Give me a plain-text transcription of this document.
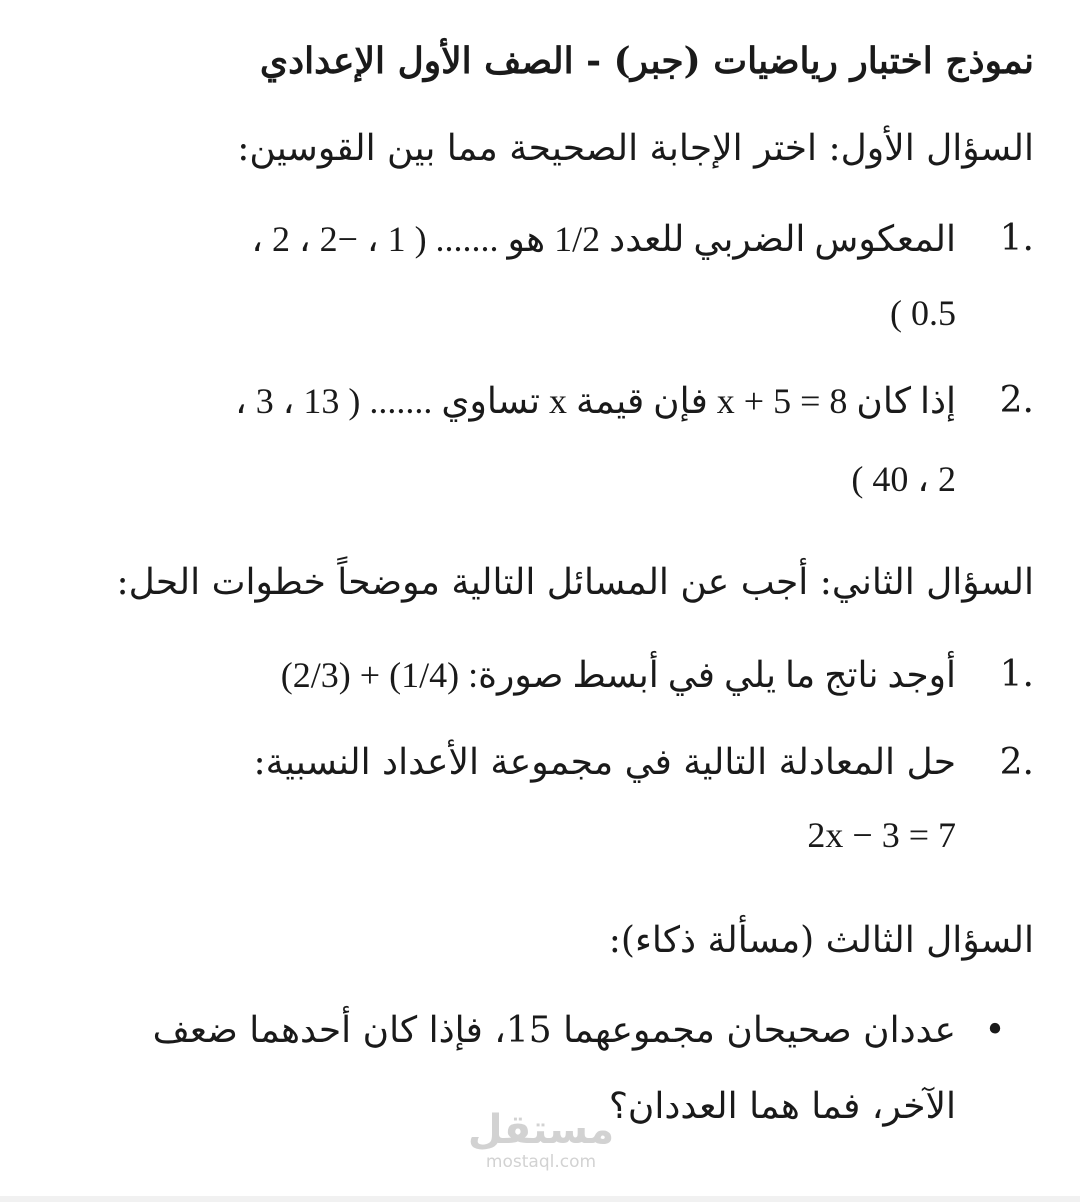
نموذج اختبار رياضيات (جبر) - الصف الأول الإعدادي
السؤال الأول: اختر الإجابة الصحيحة مما بين القوسين:
1.
المعكوس الضربي للعدد 1/2 هو ....... ( 1 ، −2 ، 2 ،
0.5 )
2.
إذا كان x + 5 = 8 فإن قيمة x تساوي ....... ( 13 ، 3 ،
2 ، 40 )
السؤال الثاني: أجب عن المسائل التالية موضحاً خطوات الحل:
1.
أوجد ناتج ما يلي في أبسط صورة: (1/4) + (2/3)
2.
حل المعادلة التالية في مجموعة الأعداد النسبية:
2x − 3 = 7
السؤال الثالث (مسألة ذكاء):
•
عددان صحيحان مجموعهما 15، فإذا كان أحدهما ضعف
الآخر، فما هما العددان؟
مستقل
mostaql.com
